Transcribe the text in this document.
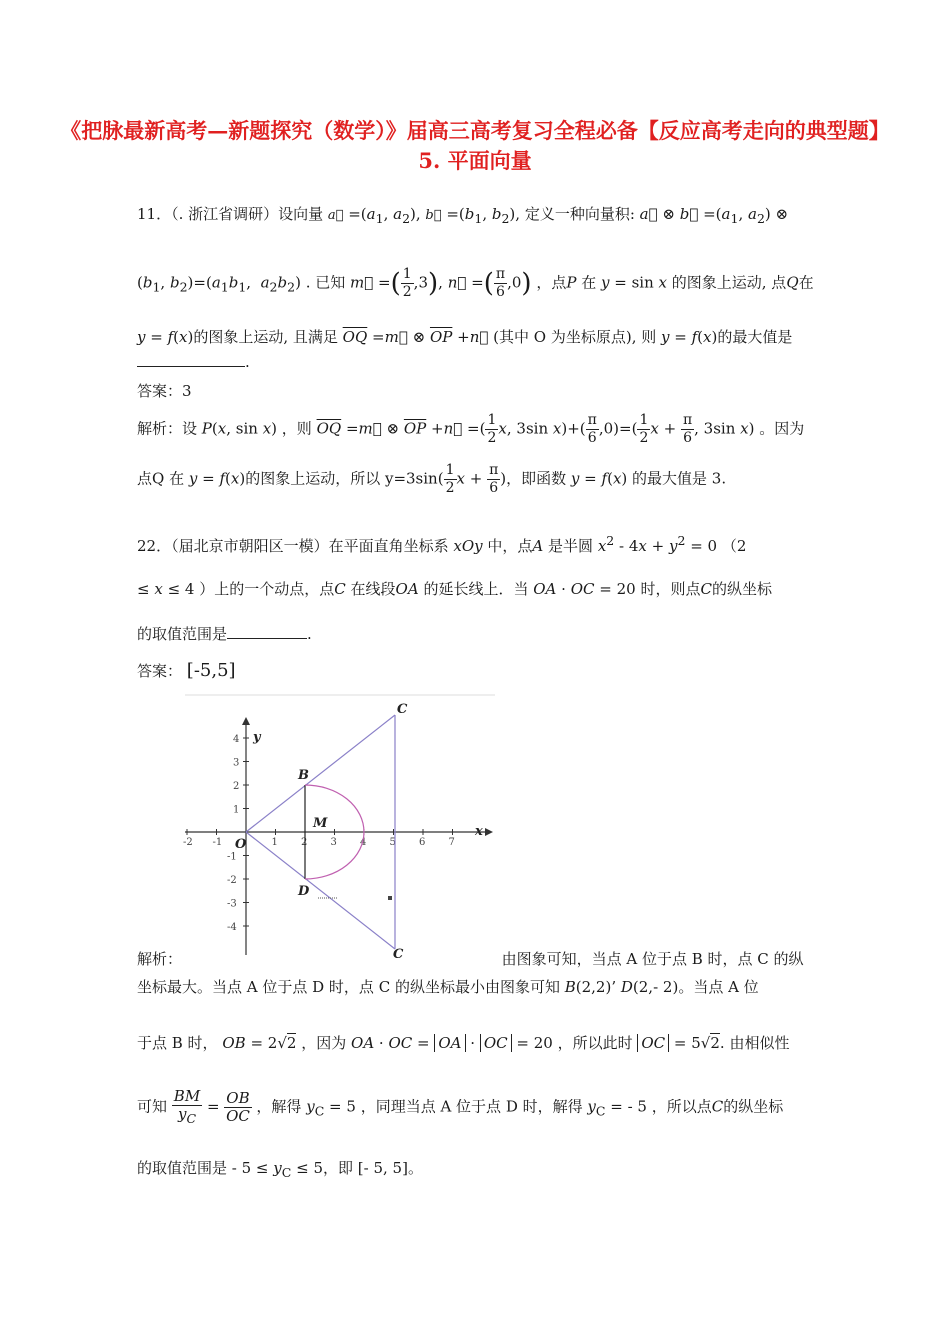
《把脉最新高考—新题探究（数学）》届高三高考复习全程必备【反应高考走向的典型题】5. 平面向量
11．（. 浙江省调研）设向量 a⃗ $=(a_1$, $a_2$), b⃗ $=(b_1$, $b_2$), 定义一种向量积: a⃗ ⊗ b⃗ $=(a_1$, $a_2$) ⊗
($b_1$, $b_2)=(a_1b_1$,  $a_2b_2$) . 已知 m⃗ =( $\frac{1}{2} ,3$), n⃗ =( $\frac{\pi}{6} ,0$) ，点P 在 y = sin x 的图象上运动, 点Q在
y = f(x)的图象上运动, 且满足 $\overline{OQ}$ =m⃗ ⊗ $\overline{OP}$ +n⃗ (其中 O 为坐标原点), 则 y = f(x)的最大值是
.
答案：3
解析：设 P(x, sin x) ，则 $\overline{OQ}$ =m⃗ ⊗ $\overline{OP}$ +n⃗ =( $\frac{1}{2} x$, 3sin $x)+( \frac{\pi}{6} ,0)=( \frac{1}{2}$ $x + \frac{\pi}{6}$ , 3sin x) 。因为
点Q 在 y = f(x)的图象上运动，所以 $y=3\sin( \frac{1}{2}$ $x + \frac{\pi}{6}$ )，即函数 y = f(x) 的最大值是 3.
22．（届北京市朝阳区一模）在平面直角坐标系 xOy 中，点A 是半圆 $x^2 - 4x + y^2 = 0$ （2
≤ x ≤ 4 ）上的一个动点，点C 在线段OA 的延长线上．当 OA · OC = 20 时，则点C的纵坐标
的取值范围是	.
答案： [-5,5]
-2 -1	1 2 3 4 5 6 7
4
3
2
1
-1
-2
-3
-4
C
C
B
D
M
O
x
y
解析：	由图象可知，当点 A 位于点 B 时，点 C 的纵
坐标最大。当点 A 位于点 D 时，点 C 的纵坐标最小由图象可知 B(2,2)’ D(2,- 2)。当点 A 位
于点 B 时， OB = 2√2 ，因为 OA · OC = OA · OC = 20 ，所以此时 OC = 5√2. 由相似性
可知 $\frac{BM}{y_C} = \frac{OB}{OC}$ ，解得 $y_C = 5$ ，同理当点 A 位于点 D 时，解得 $y_C$ = - 5 ，所以点C的纵坐标
的取值范围是 - $5 \le y_C \le 5$，即 [- 5, 5]。
